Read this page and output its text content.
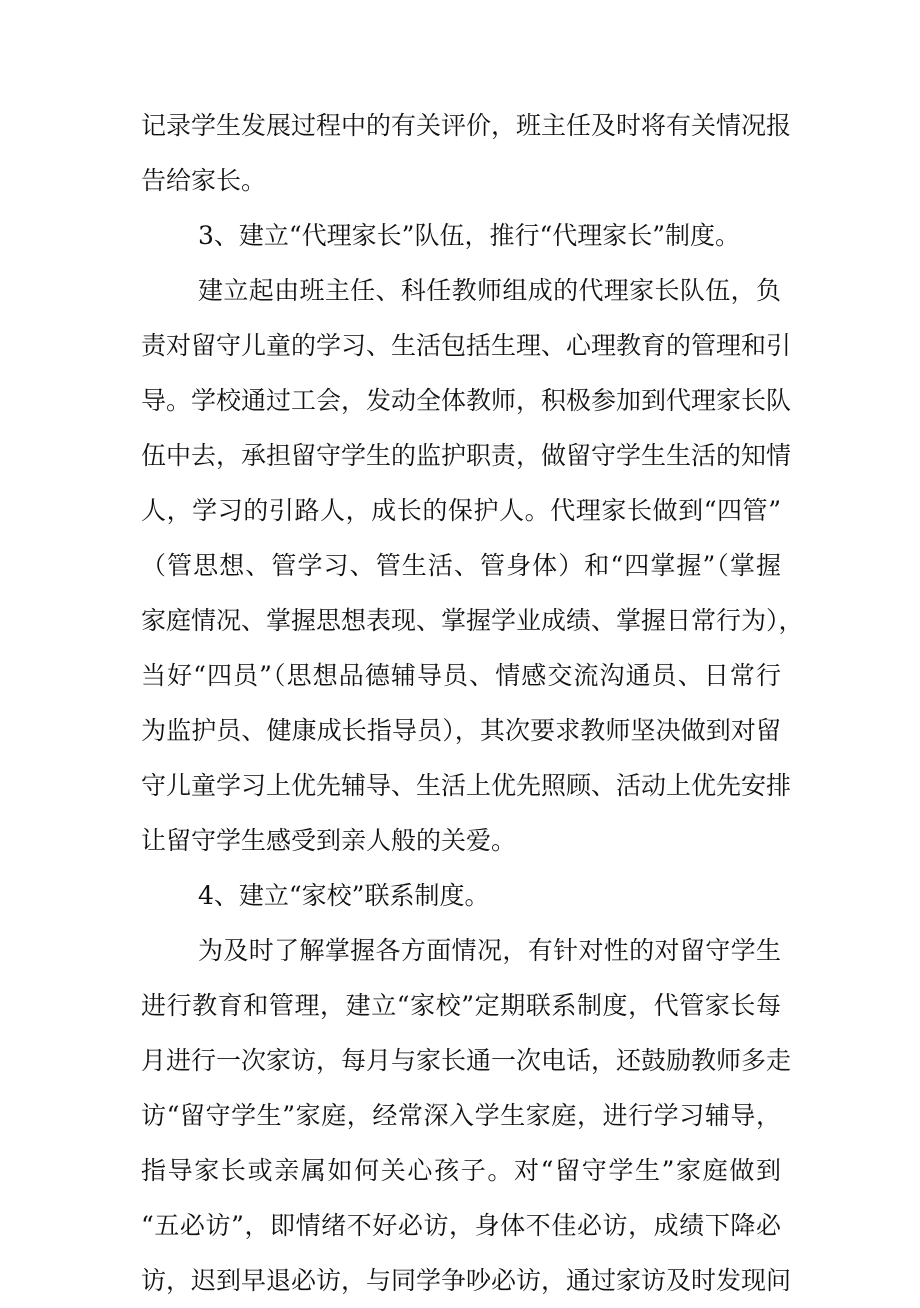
记录学生发展过程中的有关评价，班主任及时将有关情况报
告给家长。
3、建立“代理家长”队伍，推行“代理家长”制度。
建立起由班主任、科任教师组成的代理家长队伍，负
责对留守儿童的学习、生活包括生理、心理教育的管理和引
导。学校通过工会，发动全体教师，积极参加到代理家长队
伍中去，承担留守学生的监护职责，做留守学生生活的知情
人，学习的引路人，成长的保护人。代理家长做到“四管”
（管思想、管学习、管生活、管身体）和“四掌握”（掌握
家庭情况、掌握思想表现、掌握学业成绩、掌握日常行为），
当好“四员”（思想品德辅导员、情感交流沟通员、日常行
为监护员、健康成长指导员），其次要求教师坚决做到对留
守儿童学习上优先辅导、生活上优先照顾、活动上优先安排
让留守学生感受到亲人般的关爱。
4、建立“家校”联系制度。
为及时了解掌握各方面情况，有针对性的对留守学生
进行教育和管理，建立“家校”定期联系制度，代管家长每
月进行一次家访，每月与家长通一次电话，还鼓励教师多走
访“留守学生”家庭，经常深入学生家庭，进行学习辅导，
指导家长或亲属如何关心孩子。对“留守学生”家庭做到
“五必访”，即情绪不好必访，身体不佳必访，成绩下降必
访，迟到早退必访，与同学争吵必访，通过家访及时发现问
